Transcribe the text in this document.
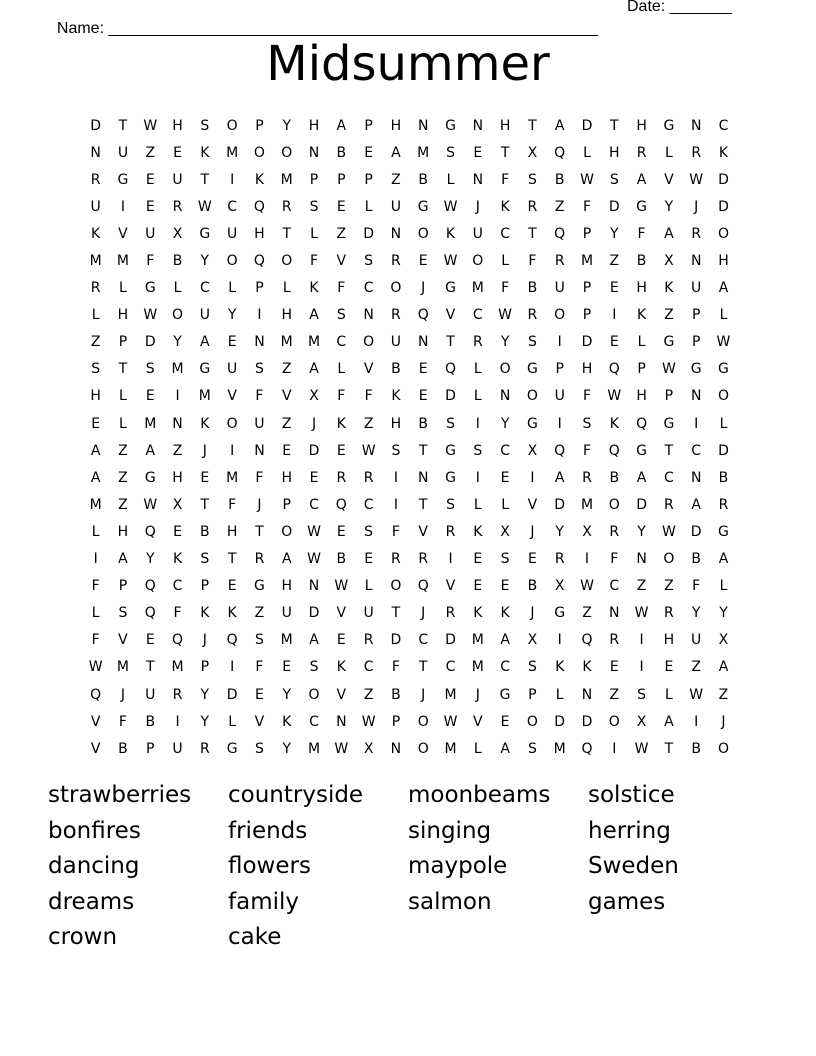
Name: _______________________________________________________

Date: _______

Midsummer
D	T	W	H	S	O	P	Y	H	A	P	H	N	G	N	H	T	A	D	T	H	G	N	C
N	U	Z	E	K	M	O	O	N	B	E	A	M	S	E	T	X	Q	L	H	R	L	R	K
R	G	E	U	T	I	K	M	P	P	P	Z	B	L	N	F	S	B	W	S	A	V	W	D
U	I	E	R	W	C	Q	R	S	E	L	U	G	W	J	K	R	Z	F	D	G	Y	J	D
K	V	U	X	G	U	H	T	L	Z	D	N	O	K	U	C	T	Q	P	Y	F	A	R	O
M	M	F	B	Y	O	Q	O	F	V	S	R	E	W	O	L	F	R	M	Z	B	X	N	H
R	L	G	L	C	L	P	L	K	F	C	O	J	G	M	F	B	U	P	E	H	K	U	A
L	H	W	O	U	Y	I	H	A	S	N	R	Q	V	C	W	R	O	P	I	K	Z	P	L
Z	P	D	Y	A	E	N	M	M	C	O	U	N	T	R	Y	S	I	D	E	L	G	P	W
S	T	S	M	G	U	S	Z	A	L	V	B	E	Q	L	O	G	P	H	Q	P	W	G	G
H	L	E	I	M	V	F	V	X	F	F	K	E	D	L	N	O	U	F	W	H	P	N	O
E	L	M	N	K	O	U	Z	J	K	Z	H	B	S	I	Y	G	I	S	K	Q	G	I	L
A	Z	A	Z	J	I	N	E	D	E	W	S	T	G	S	C	X	Q	F	Q	G	T	C	D
A	Z	G	H	E	M	F	H	E	R	R	I	N	G	I	E	I	A	R	B	A	C	N	B
M	Z	W	X	T	F	J	P	C	Q	C	I	T	S	L	L	V	D	M	O	D	R	A	R
L	H	Q	E	B	H	T	O	W	E	S	F	V	R	K	X	J	Y	X	R	Y	W	D	G
I	A	Y	K	S	T	R	A	W	B	E	R	R	I	E	S	E	R	I	F	N	O	B	A
F	P	Q	C	P	E	G	H	N	W	L	O	Q	V	E	E	B	X	W	C	Z	Z	F	L
L	S	Q	F	K	K	Z	U	D	V	U	T	J	R	K	K	J	G	Z	N	W	R	Y	Y
F	V	E	Q	J	Q	S	M	A	E	R	D	C	D	M	A	X	I	Q	R	I	H	U	X
W	M	T	M	P	I	F	E	S	K	C	F	T	C	M	C	S	K	K	E	I	E	Z	A
Q	J	U	R	Y	D	E	Y	O	V	Z	B	J	M	J	G	P	L	N	Z	S	L	W	Z
V	F	B	I	Y	L	V	K	C	N	W	P	O	W	V	E	O	D	D	O	X	A	I	J
V	B	P	U	R	G	S	Y	M	W	X	N	O	M	L	A	S	M	Q	I	W	T	B	O
strawberries	countryside	moonbeams	solstice
bonfires	friends	singing	herring
dancing	flowers	maypole	Sweden
dreams	family	salmon	games
crown	cake
